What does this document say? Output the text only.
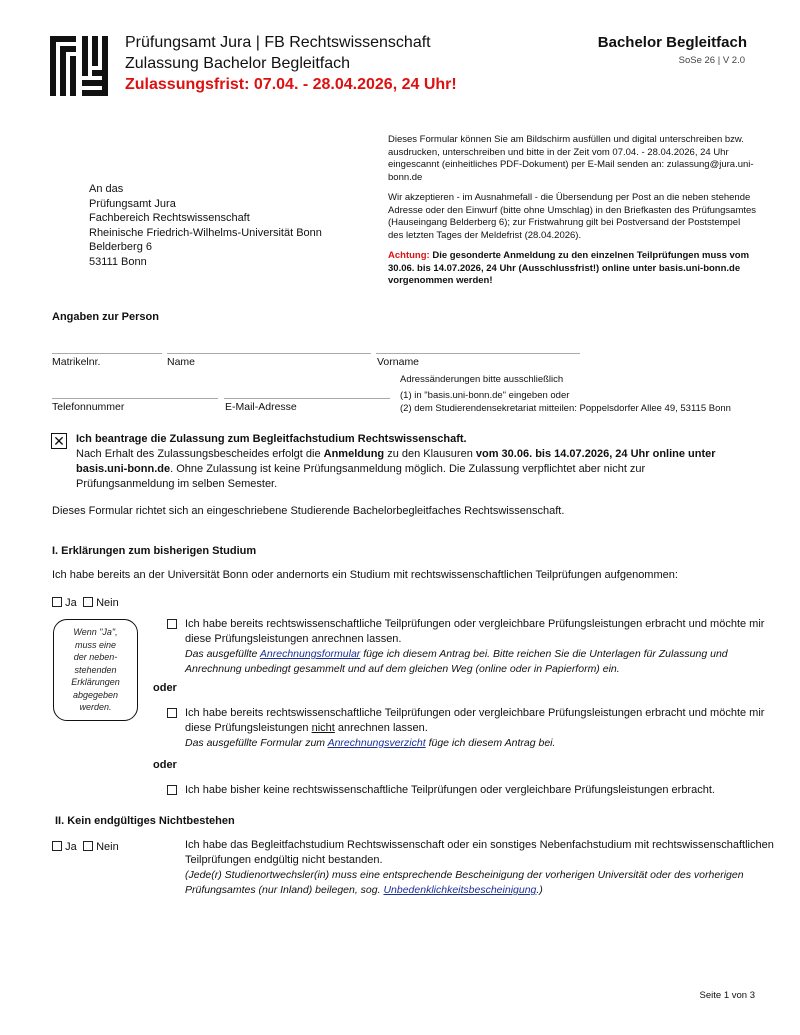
Prüfungsamt Jura | FB Rechtswissenschaft
Zulassung Bachelor Begleitfach
Zulassungsfrist: 07.04. - 28.04.2026, 24 Uhr!
Bachelor Begleitfach
SoSe 26 | V 2.0
An das
Prüfungsamt Jura
Fachbereich Rechtswissenschaft
Rheinische Friedrich-Wilhelms-Universität Bonn
Belderberg 6
53111 Bonn
Dieses Formular können Sie am Bildschirm ausfüllen und digital unterschreiben bzw. ausdrucken, unterschreiben und bitte in der Zeit vom 07.04. - 28.04.2026, 24 Uhr eingescannt (einheitliches PDF-Dokument) per E-Mail senden an: zulassung@jura.uni-bonn.de
Wir akzeptieren - im Ausnahmefall - die Übersendung per Post an die neben stehende Adresse oder den Einwurf (bitte ohne Umschlag) in den Briefkasten des Prüfungsamtes (Hauseingang Belderberg 6); zur Fristwahrung gilt bei Postversand der Poststempel des letzten Tages der Meldefrist (28.04.2026).
Achtung: Die gesonderte Anmeldung zu den einzelnen Teilprüfungen muss vom 30.06. bis 14.07.2026, 24 Uhr (Ausschlussfrist!) online unter basis.uni-bonn.de vorgenommen werden!
Angaben zur Person
Matrikelnr.	Name	Vorname
Telefonnummer	E-Mail-Adresse
Adressänderungen bitte ausschließlich
(1) in "basis.uni-bonn.de" eingeben oder
(2) dem Studierendensekretariat mitteilen: Poppelsdorfer Allee 49, 53115 Bonn
✕ Ich beantrage die Zulassung zum Begleitfachstudium Rechtswissenschaft.
Nach Erhalt des Zulassungsbescheides erfolgt die Anmeldung zu den Klausuren vom 30.06. bis 14.07.2026, 24 Uhr online unter basis.uni-bonn.de. Ohne Zulassung ist keine Prüfungsanmeldung möglich. Die Zulassung verpflichtet aber nicht zur Prüfungsanmeldung im selben Semester.
Dieses Formular richtet sich an eingeschriebene Studierende Bachelorbegleitfaches Rechtswissenschaft.
I. Erklärungen zum bisherigen Studium
Ich habe bereits an der Universität Bonn oder andernorts ein Studium mit rechtswissenschaftlichen Teilprüfungen aufgenommen:
Ja	Nein
Wenn "Ja", muss eine der neben-stehenden Erklärungen abgegeben werden.
Ich habe bereits rechtswissenschaftliche Teilprüfungen oder vergleichbare Prüfungsleistungen erbracht und möchte mir diese Prüfungsleistungen anrechnen lassen.
Das ausgefüllte Anrechnungsformular füge ich diesem Antrag bei. Bitte reichen Sie die Unterlagen für Zulassung und Anrechnung unbedingt gesammelt und auf dem gleichen Weg (online oder in Papierform) ein.
oder
Ich habe bereits rechtswissenschaftliche Teilprüfungen oder vergleichbare Prüfungsleistungen erbracht und möchte mir diese Prüfungsleistungen nicht anrechnen lassen.
Das ausgefüllte Formular zum Anrechnungsverzicht füge ich diesem Antrag bei.
oder
Ich habe bisher keine rechtswissenschaftliche Teilprüfungen oder vergleichbare Prüfungsleistungen erbracht.
II. Kein endgültiges Nichtbestehen
Ja	Nein	Ich habe das Begleitfachstudium Rechtswissenschaft oder ein sonstiges Nebenfachstudium mit rechtswissenschaftlichen Teilprüfungen endgültig nicht bestanden.
(Jede(r) Studienortwechsler(in) muss eine entsprechende Bescheinigung der vorherigen Universität oder des vorherigen Prüfungsamtes (nur Inland) beilegen, sog. Unbedenklichkeitsbescheinigung.)
Seite 1 von 3
